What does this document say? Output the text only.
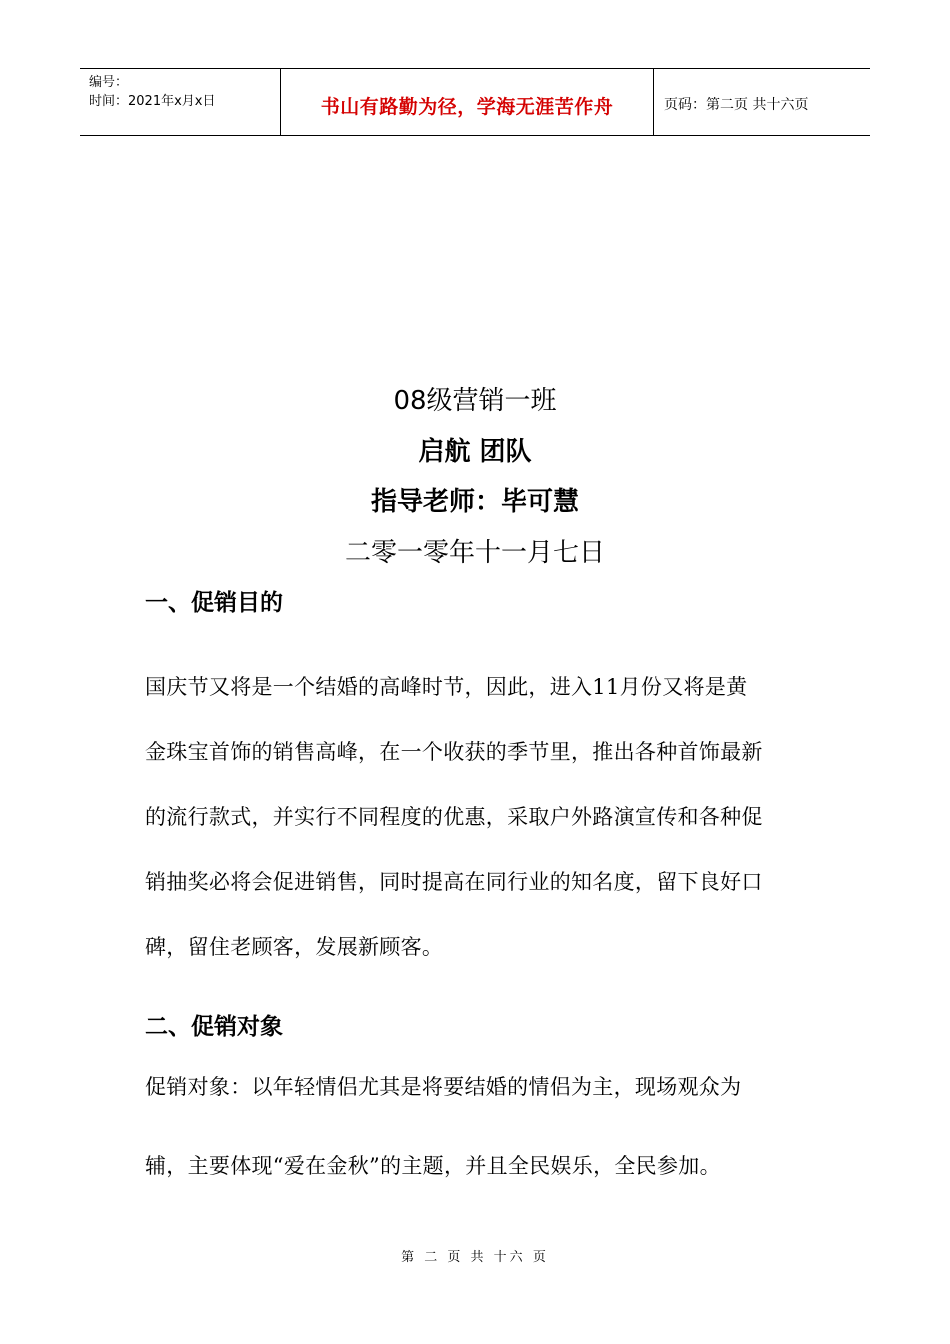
编号：
时间：2021年x月x日	书山有路勤为径，学海无涯苦作舟	页码：第二页 共十六页
08级营销一班
启航 团队
指导老师：毕可慧
二零一零年十一月七日
一、促销目的
国庆节又将是一个结婚的高峰时节，因此，进入11月份又将是黄
金珠宝首饰的销售高峰，在一个收获的季节里，推出各种首饰最新
的流行款式，并实行不同程度的优惠，采取户外路演宣传和各种促
销抽奖必将会促进销售，同时提高在同行业的知名度，留下良好口
碑，留住老顾客，发展新顾客。
二、促销对象
促销对象：以年轻情侣尤其是将要结婚的情侣为主，现场观众为
辅，主要体现“爱在金秋”的主题，并且全民娱乐，全民参加。
第 二 页 共 十六 页
